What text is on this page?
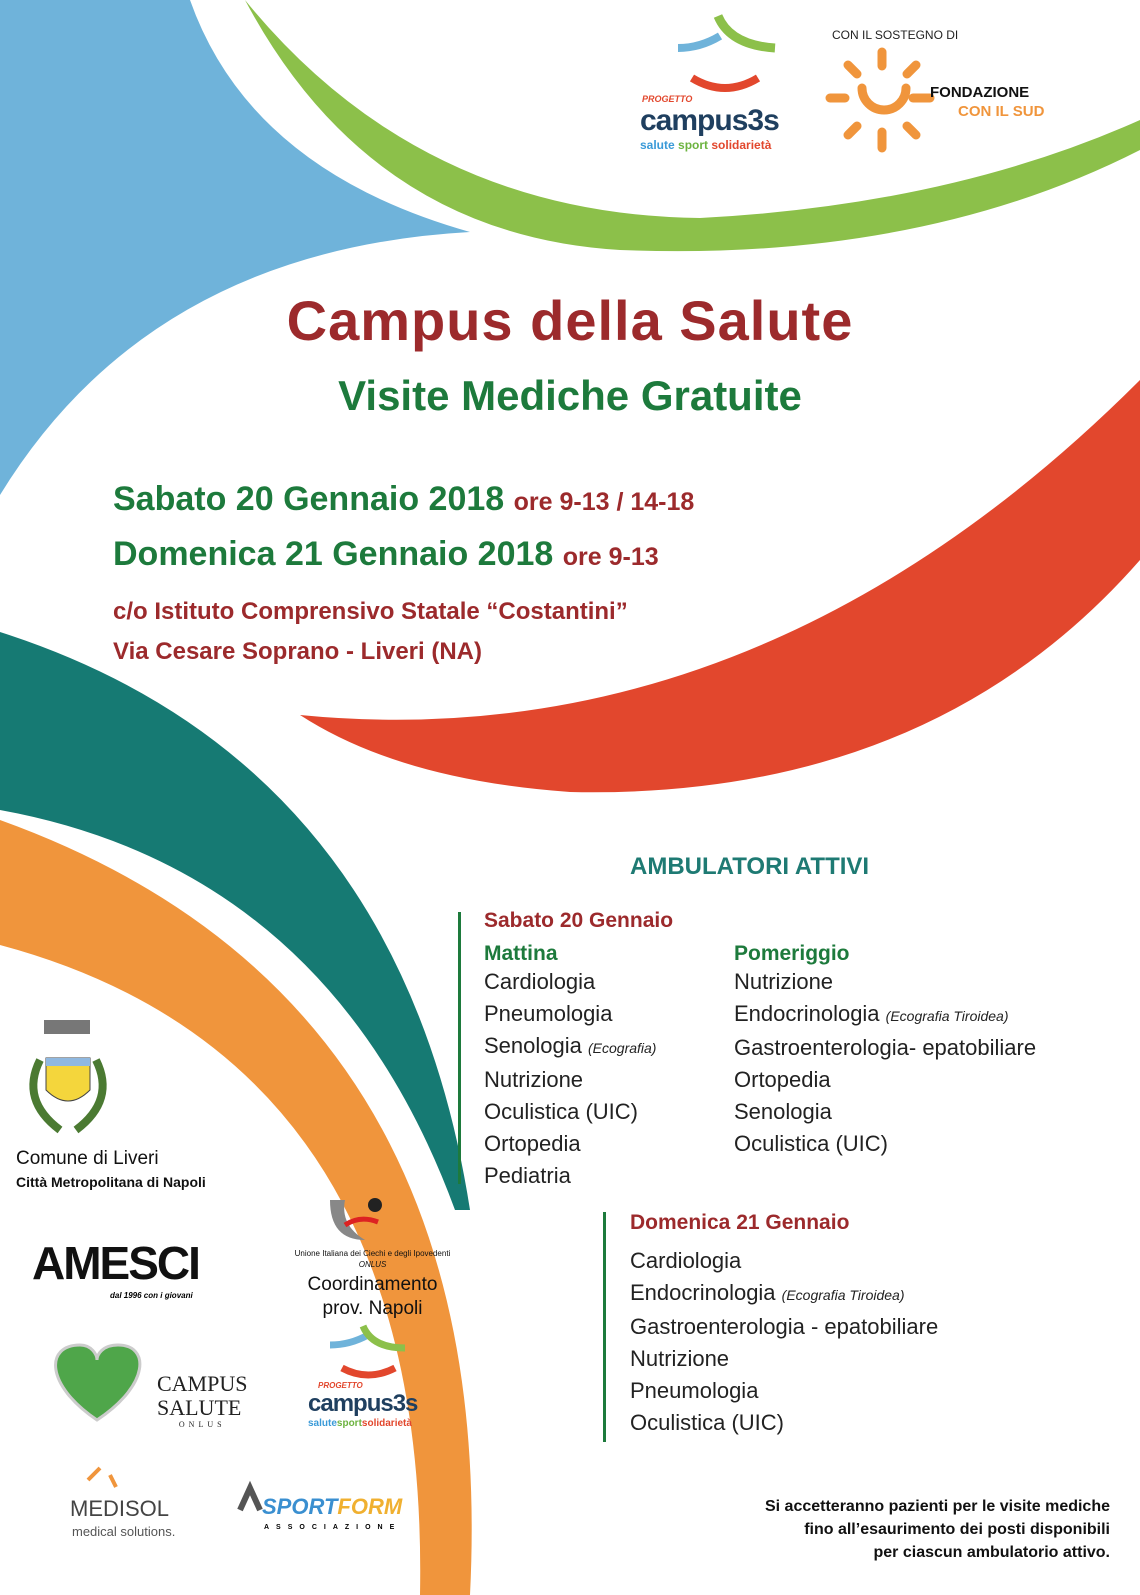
PROGETTO
campus3s
salute sport solidarietà
CON IL SOSTEGNO DI
FONDAZIONE
CON IL SUD
Campus della Salute
Visite Mediche Gratuite
Sabato 20 Gennaio 2018 ore 9-13 / 14-18
Domenica 21 Gennaio 2018 ore 9-13
c/o Istituto Comprensivo Statale “Costantini”
Via Cesare Soprano - Liveri (NA)
AMBULATORI ATTIVI
Sabato 20 Gennaio
Mattina
Cardiologia
Pneumologia
Senologia (Ecografia)
Nutrizione
Oculistica (UIC)
Ortopedia
Pediatria
Pomeriggio
Nutrizione
Endocrinologia (Ecografia Tiroidea)
Gastroenterologia- epatobiliare
Ortopedia
Senologia
Oculistica (UIC)
Domenica 21 Gennaio
Cardiologia
Endocrinologia (Ecografia Tiroidea)
Gastroenterologia - epatobiliare
Nutrizione
Pneumologia
Oculistica (UIC)
Si accetteranno pazienti per le visite mediche
fino all’esaurimento dei posti disponibili
per ciascun ambulatorio attivo.
Comune di Liveri
Città Metropolitana di Napoli
AMESCI
dal 1996 con i giovani
Unione Italiana dei Ciechi e degli Ipovedenti
ONLUS
Coordinamento
prov. Napoli
CAMPUS
SALUTE
ONLUS
PROGETTO
campus3s
salutesportsolidarietà
MEDISOL
medical solutions.
SPORTFORM
ASSOCIAZIONE
